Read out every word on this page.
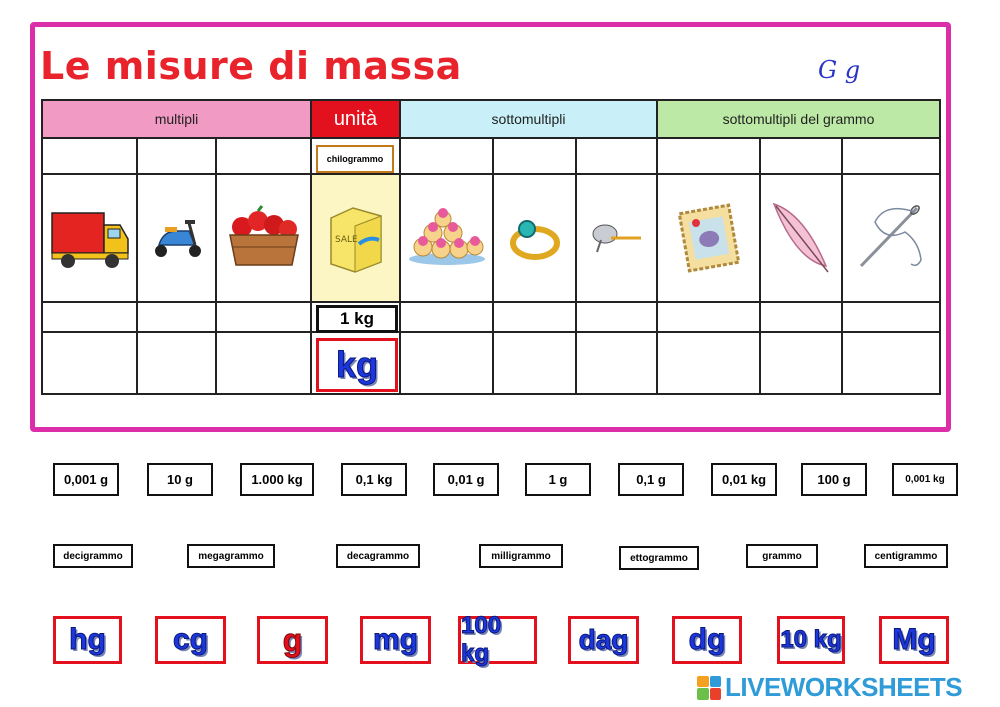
Le misure di massa	G g
multipli			unità	sottomultipli			sottomultipli del grammo		

chilogrammo						

SALE

1 kg						

			kg						

0,001 g	10 g	1.000 kg	0,1 kg	0,01 g	1 g	0,1 g	0,01 kg	100 g	0,001 kg
decigrammo	megagrammo	decagrammo	milligrammo	ettogrammo	grammo	centigrammo
hg cg g mg 100 kg	dag dg 10 kg Mg
LIVEWORKSHEETS
